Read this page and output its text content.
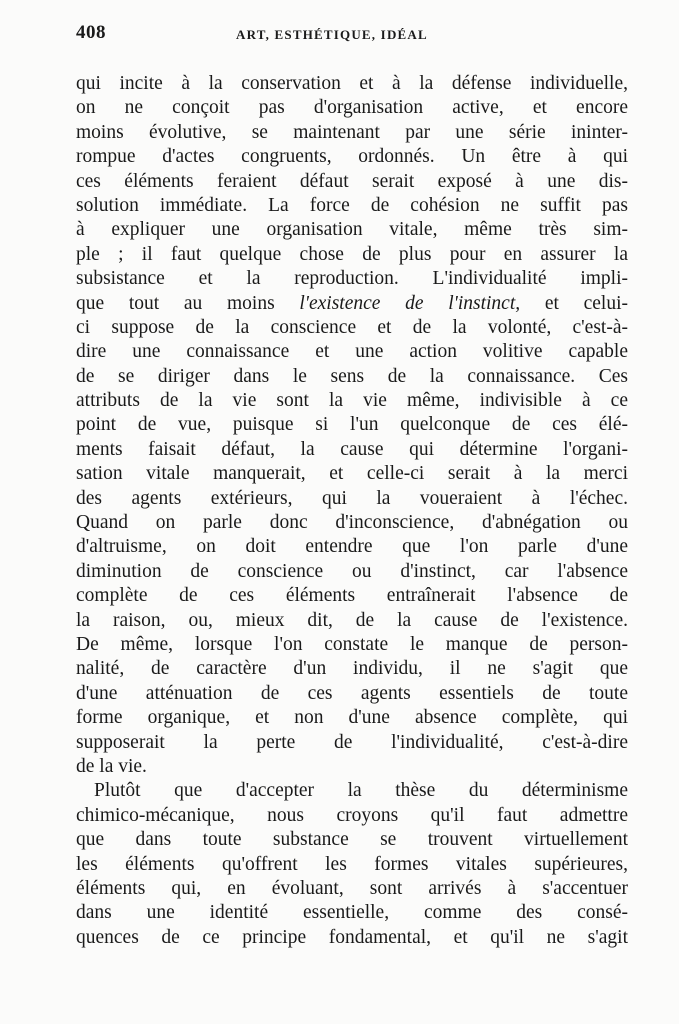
408	ART, ESTHÉTIQUE, IDÉAL
qui incite à la conservation et à la défense individuelle,
on ne conçoit pas d'organisation active, et encore
moins évolutive, se maintenant par une série ininter-
rompue d'actes congruents, ordonnés. Un être à qui
ces éléments feraient défaut serait exposé à une dis-
solution immédiate. La force de cohésion ne suffit pas
à expliquer une organisation vitale, même très sim-
ple ; il faut quelque chose de plus pour en assurer la
subsistance et la reproduction. L'individualité impli-
que tout au moins l'existence de l'instinct, et celui-
ci suppose de la conscience et de la volonté, c'est-à-
dire une connaissance et une action volitive capable
de se diriger dans le sens de la connaissance. Ces
attributs de la vie sont la vie même, indivisible à ce
point de vue, puisque si l'un quelconque de ces élé-
ments faisait défaut, la cause qui détermine l'organi-
sation vitale manquerait, et celle-ci serait à la merci
des agents extérieurs, qui la voueraient à l'échec.
Quand on parle donc d'inconscience, d'abnégation ou
d'altruisme, on doit entendre que l'on parle d'une
diminution de conscience ou d'instinct, car l'absence
complète de ces éléments entraînerait l'absence de
la raison, ou, mieux dit, de la cause de l'existence.
De même, lorsque l'on constate le manque de person-
nalité, de caractère d'un individu, il ne s'agit que
d'une atténuation de ces agents essentiels de toute
forme organique, et non d'une absence complète, qui
supposerait la perte de l'individualité, c'est-à-dire
de la vie.
Plutôt que d'accepter la thèse du déterminisme
chimico-mécanique, nous croyons qu'il faut admettre
que dans toute substance se trouvent virtuellement
les éléments qu'offrent les formes vitales supérieures,
éléments qui, en évoluant, sont arrivés à s'accentuer
dans une identité essentielle, comme des consé-
quences de ce principe fondamental, et qu'il ne s'agit
